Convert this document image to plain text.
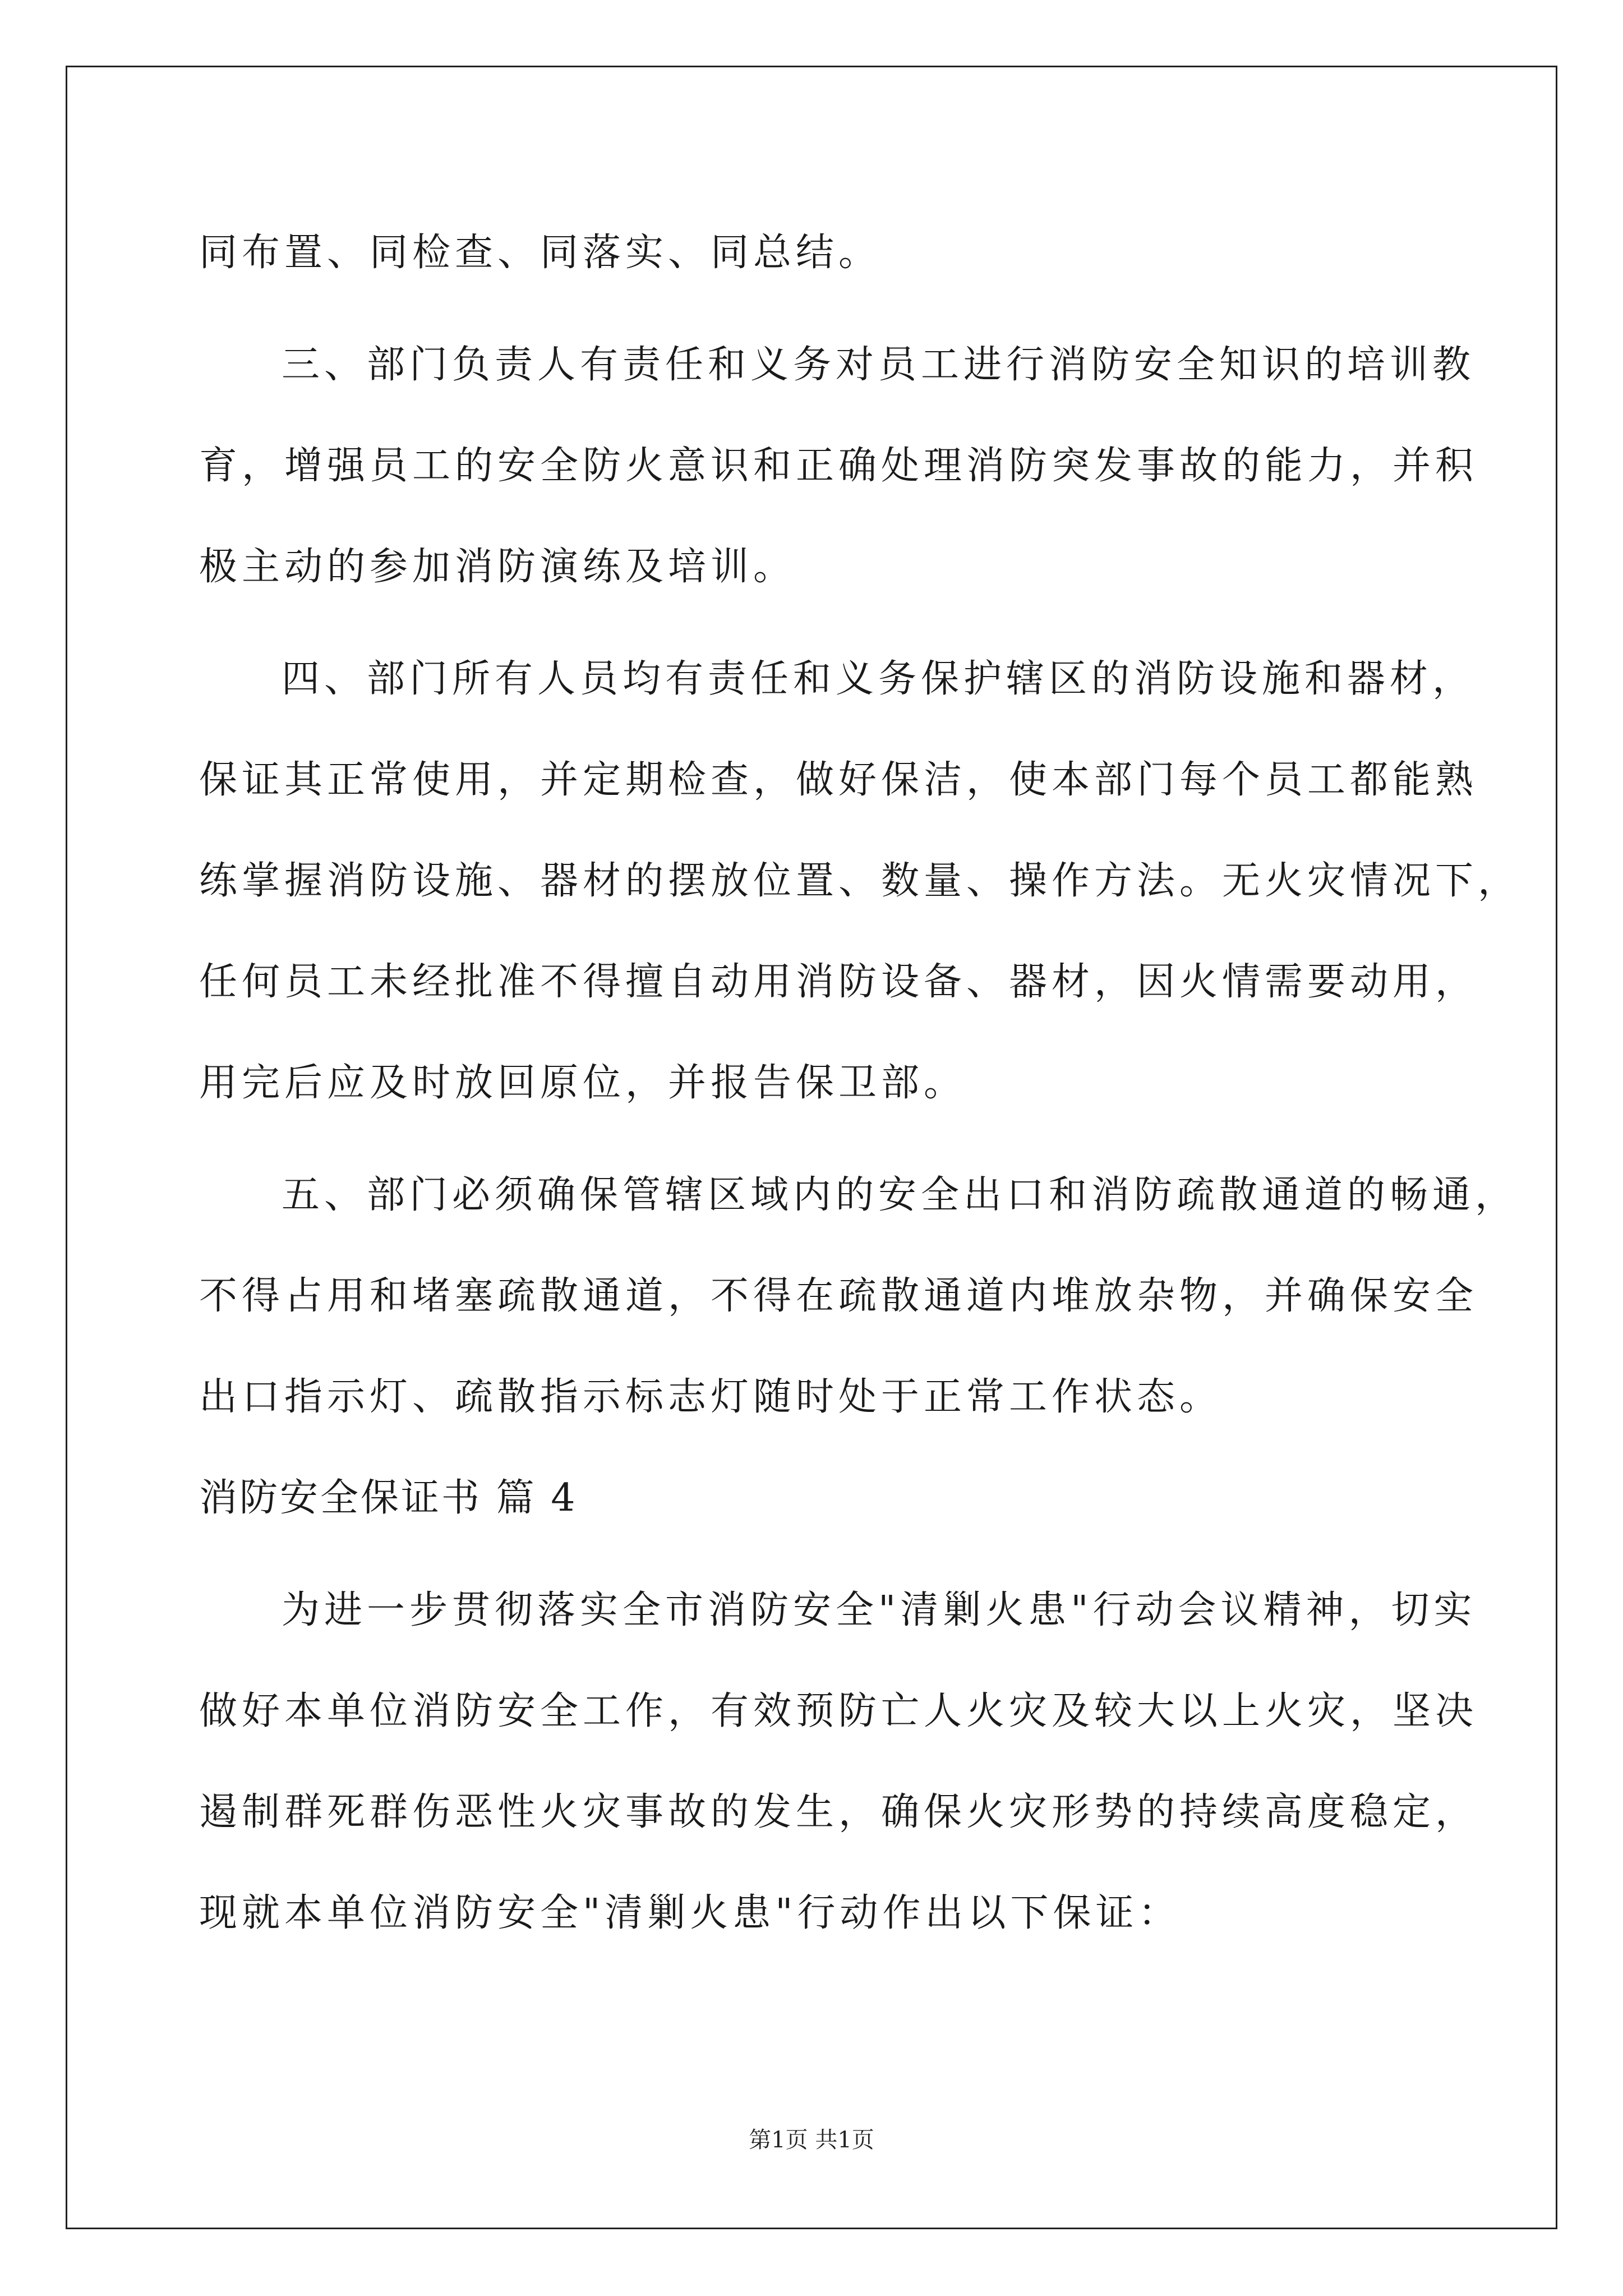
同布置、同检查、同落实、同总结。
三、部门负责人有责任和义务对员工进行消防安全知识的培训教
育，增强员工的安全防火意识和正确处理消防突发事故的能力，并积
极主动的参加消防演练及培训。
四、部门所有人员均有责任和义务保护辖区的消防设施和器材，
保证其正常使用，并定期检查，做好保洁，使本部门每个员工都能熟
练掌握消防设施、器材的摆放位置、数量、操作方法。无火灾情况下，
任何员工未经批准不得擅自动用消防设备、器材，因火情需要动用，
用完后应及时放回原位，并报告保卫部。
五、部门必须确保管辖区域内的安全出口和消防疏散通道的畅通，
不得占用和堵塞疏散通道，不得在疏散通道内堆放杂物，并确保安全
出口指示灯、疏散指示标志灯随时处于正常工作状态。
消防安全保证书 篇 4
为进一步贯彻落实全市消防安全"清剿火患"行动会议精神，切实
做好本单位消防安全工作，有效预防亡人火灾及较大以上火灾，坚决
遏制群死群伤恶性火灾事故的发生，确保火灾形势的持续高度稳定，
现就本单位消防安全"清剿火患"行动作出以下保证：
第1页 共1页
